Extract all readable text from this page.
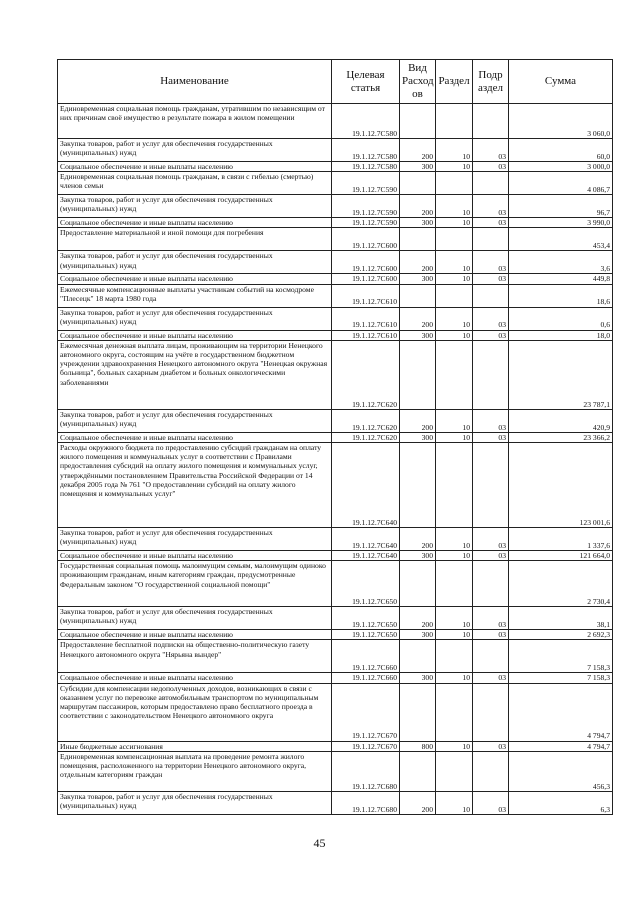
Наименование	Целевая статья	Вид Расход ов	Раздел	Подр аздел	Сумма

Единовременная социальная помощь гражданам, утратившим по независящим от них причинам своё имущество в результате пожара в жилом помещении	19.1.12.7С580				3 060,0

Закупка товаров, работ и услуг для обеспечения государственных (муниципальных) нужд	19.1.12.7С580	200	10	03	60,0

Социальное обеспечение и иные выплаты населению	19.1.12.7С580	300	10	03	3 000,0

Единовременная социальная помощь гражданам, в связи с гибелью (смертью) членов семьи	19.1.12.7С590				4 086,7

Закупка товаров, работ и услуг для обеспечения государственных (муниципальных) нужд	19.1.12.7С590	200	10	03	96,7

Социальное обеспечение и иные выплаты населению	19.1.12.7С590	300	10	03	3 990,0

Предоставление материальной и иной помощи для погребения	19.1.12.7С600				453,4

Закупка товаров, работ и услуг для обеспечения государственных (муниципальных) нужд	19.1.12.7С600	200	10	03	3,6

Социальное обеспечение и иные выплаты населению	19.1.12.7С600	300	10	03	449,8

Ежемесячные компенсационные выплаты участникам событий на космодроме "Плесецк" 18 марта 1980 года	19.1.12.7С610				18,6

Закупка товаров, работ и услуг для обеспечения государственных (муниципальных) нужд	19.1.12.7С610	200	10	03	0,6

Социальное обеспечение и иные выплаты населению	19.1.12.7С610	300	10	03	18,0

Ежемесячная денежная выплата лицам, проживающим на территории Ненецкого автономного округа, состоящим на учёте в государственном бюджетном учреждении здравоохранения Ненецкого автономного округа "Ненецкая окружная больница", больных сахарным диабетом и больных онкологическими заболеваниями	19.1.12.7С620				23 787,1

Закупка товаров, работ и услуг для обеспечения государственных (муниципальных) нужд	19.1.12.7С620	200	10	03	420,9

Социальное обеспечение и иные выплаты населению	19.1.12.7С620	300	10	03	23 366,2

Расходы окружного бюджета по предоставлению субсидий гражданам на оплату жилого помещения и коммунальных услуг в соответствии с Правилами предоставления субсидий на оплату жилого помещения и коммунальных услуг, утверждёнными постановлением Правительства Российской Федерации от 14 декабря 2005 года № 761 "О предоставлении субсидий на оплату жилого помещения и коммунальных услуг"	19.1.12.7С640				123 001,6

Закупка товаров, работ и услуг для обеспечения государственных (муниципальных) нужд	19.1.12.7С640	200	10	03	1 337,6

Социальное обеспечение и иные выплаты населению	19.1.12.7С640	300	10	03	121 664,0

Государственная социальная помощь малоимущим семьям, малоимущим одиноко проживающим гражданам, иным категориям граждан, предусмотренные Федеральным законом "О государственной социальной помощи"	19.1.12.7С650				2 730,4

Закупка товаров, работ и услуг для обеспечения государственных (муниципальных) нужд	19.1.12.7С650	200	10	03	38,1

Социальное обеспечение и иные выплаты населению	19.1.12.7С650	300	10	03	2 692,3

Предоставление бесплатной подписки на общественно-политическую газету Ненецкого автономного округа "Нярьяна вындер"	19.1.12.7С660				7 158,3

Социальное обеспечение и иные выплаты населению	19.1.12.7С660	300	10	03	7 158,3

Субсидии для компенсации недополученных доходов, возникающих в связи с оказанием услуг по перевозке автомобильным транспортом по муниципальным маршрутам пассажиров, которым предоставлено право бесплатного проезда в соответствии с законодательством Ненецкого автономного округа	19.1.12.7С670				4 794,7

Иные бюджетные ассигнования	19.1.12.7С670	800	10	03	4 794,7

Единовременная компенсационная выплата на проведение ремонта жилого помещения, расположенного на территории Ненецкого автономного округа, отдельным категориям граждан	19.1.12.7С680				456,3

Закупка товаров, работ и услуг для обеспечения государственных (муниципальных) нужд	19.1.12.7С680	200	10	03	6,3
45
